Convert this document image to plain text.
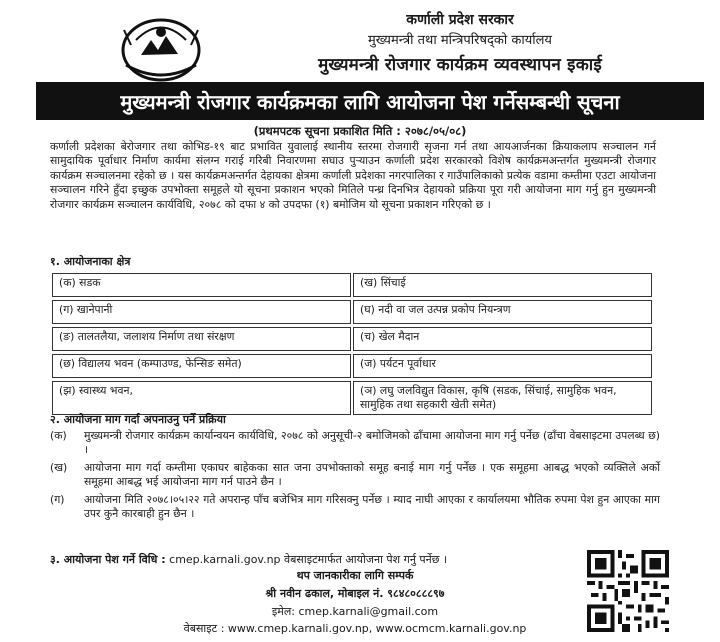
कर्णाली प्रदेश सरकार
मुख्यमन्त्री तथा मन्त्रिपरिषद्को कार्यालय
मुख्यमन्त्री रोजगार कार्यक्रम व्यवस्थापन इकाई
मुख्यमन्त्री रोजगार कार्यक्रमका लागि आयोजना पेश गर्नेसम्बन्धी सूचना
(प्रथमपटक सूचना प्रकाशित मिति : २०७८/०५/०८)
कर्णाली प्रदेशका बेरोजगार तथा कोभिड-१९ बाट प्रभावित युवालाई स्थानीय स्तरमा रोजगारी सृजना गर्न तथा आयआर्जनका क्रियाकलाप सञ्चालन गर्न सामुदायिक पूर्वाधार निर्माण कार्यमा संलग्न गराई गरिबी निवारणमा सघाउ पुर्‍याउन कर्णाली प्रदेश सरकारको विशेष कार्यक्रमअन्तर्गत मुख्यमन्त्री रोजगार कार्यक्रम सञ्चालनमा रहेको छ । यस कार्यक्रमअन्तर्गत देहायका क्षेत्रमा कर्णाली प्रदेशका नगरपालिका र गाउँपालिकाको प्रत्येक वडामा कम्तीमा एउटा आयोजना सञ्चालन गरिने हुँदा इच्छुक उपभोक्ता समूहले यो सूचना प्रकाशन भएको मितिले पन्ध्र दिनभित्र देहायको प्रक्रिया पूरा गरी आयोजना माग गर्नु हुन मुख्यमन्त्री रोजगार कार्यक्रम सञ्चालन कार्यविधि, २०७८ को दफा ४ को उपदफा (१) बमोजिम यो सूचना प्रकाशन गरिएको छ ।
१. आयोजनाका क्षेत्र
(क) सडक	(ख) सिंचाई
(ग) खानेपानी	(घ) नदी वा जल उत्पन्न प्रकोप नियन्त्रण
(ङ) तालतलैया, जलाशय निर्माण तथा संरक्षण	(च) खेल मैदान
(छ) विद्यालय भवन (कम्पाउण्ड, फेन्सिङ समेत)	(ज) पर्यटन पूर्वाधार
(झ) स्वास्थ्य भवन,	(ञ) लघु जलविद्युत विकास, कृषि (सडक, सिंचाई, सामुहिक भवन, सामुहिक तथा सहकारी खेती समेत)
२. आयोजना माग गर्दा अपनाउनु पर्ने प्रक्रिया
(क)	मुख्यमन्त्री रोजगार कार्यक्रम कार्यान्वयन कार्यविधि, २०७८ को अनुसूची-२ बमोजिमको ढाँचामा आयोजना माग गर्नु पर्नेछ (ढाँचा वेबसाइटमा उपलब्ध छ) ।
(ख)	आयोजना माग गर्दा कम्तीमा एकाघर बाहेकका सात जना उपभोक्ताको समूह बनाई माग गर्नु पर्नेछ । एक समूहमा आबद्ध भएको व्यक्तिले अर्को समूहमा आबद्ध भई आयोजना माग गर्न पाउने छैन ।
(ग)	आयोजना मिति २०७८।०५।२२ गते अपरान्ह पाँच बजेभित्र माग गरिसक्नु पर्नेछ । म्याद नाघी आएका र कार्यालयमा भौतिक रुपमा पेश हुन आएका माग उपर कुनै कारबाही हुन छैन ।
३. आयोजना पेश गर्ने विधि : cmep.karnali.gov.np वेबसाइटमार्फत आयोजना पेश गर्नु पर्नेछ ।
थप जानकारीका लागि सम्पर्क
श्री नवीन ढकाल, मोबाइल नं. ९८४८०८८८९७
इमेल: cmep.karnali@gmail.com
वेबसाइट : www.cmep.karnali.gov.np, www.ocmcm.karnali.gov.np
